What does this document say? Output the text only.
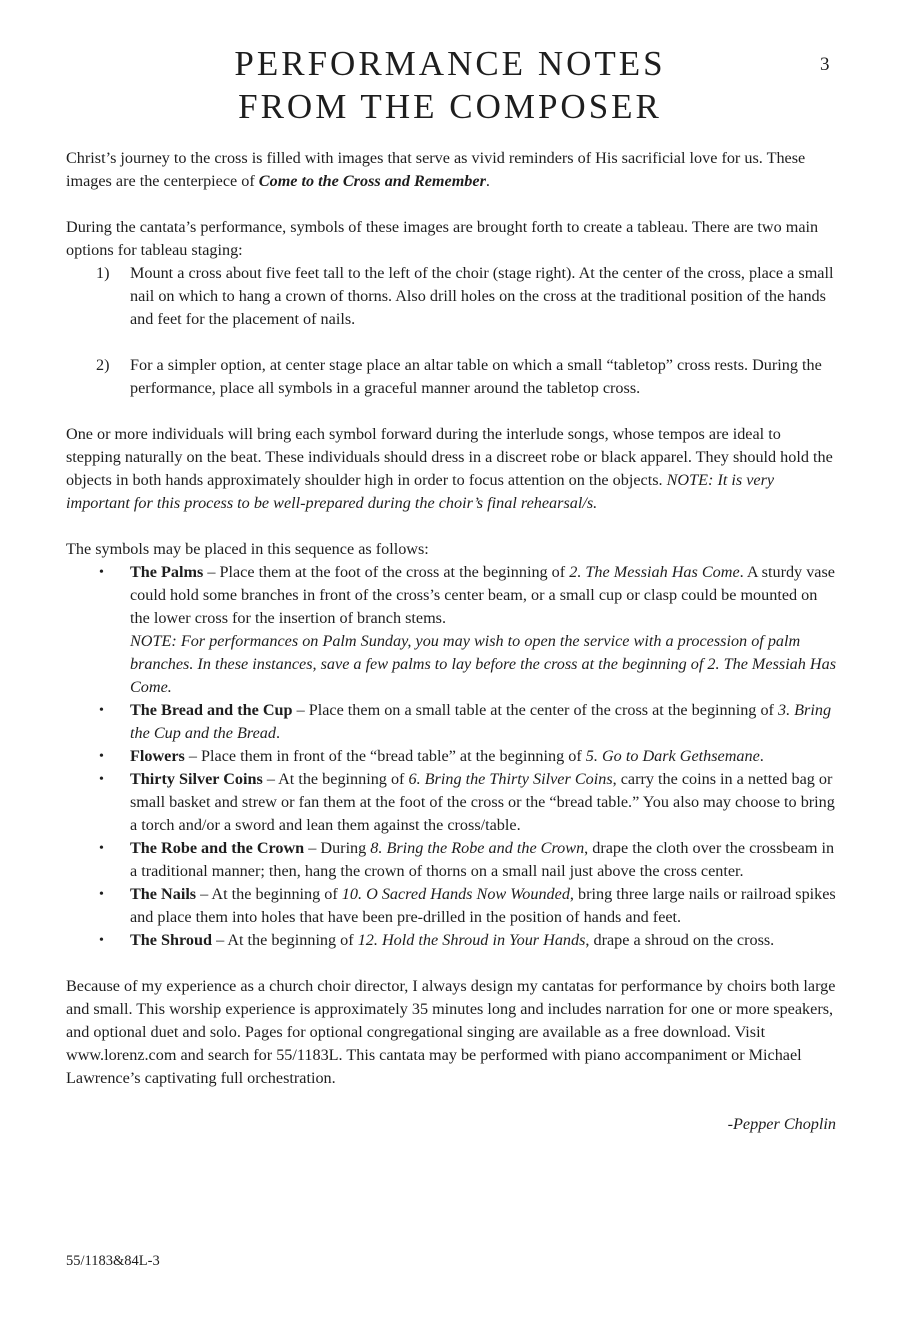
PERFORMANCE NOTES
FROM THE COMPOSER
3

Christ’s journey to the cross is filled with images that serve as vivid reminders of His sacrificial love for us. These images are the centerpiece of Come to the Cross and Remember.

During the cantata’s performance, symbols of these images are brought forth to create a tableau. There are two main options for tableau staging:

1)	Mount a cross about five feet tall to the left of the choir (stage right). At the center of the cross, place a small nail on which to hang a crown of thorns. Also drill holes on the cross at the traditional position of the hands and feet for the placement of nails.
2)	For a simpler option, at center stage place an altar table on which a small “tabletop” cross rests. During the performance, place all symbols in a graceful manner around the tabletop cross.

One or more individuals will bring each symbol forward during the interlude songs, whose tempos are ideal to stepping naturally on the beat. These individuals should dress in a discreet robe or black apparel. They should hold the objects in both hands approximately shoulder high in order to focus attention on the objects. NOTE: It is very important for this process to be well-prepared during the choir’s final rehearsal/s.

The symbols may be placed in this sequence as follows:

•	The Palms – Place them at the foot of the cross at the beginning of 2. The Messiah Has Come. A sturdy vase could hold some branches in front of the cross’s center beam, or a small cup or clasp could be mounted on the lower cross for the insertion of branch stems.
NOTE: For performances on Palm Sunday, you may wish to open the service with a procession of palm branches. In these instances, save a few palms to lay before the cross at the beginning of 2. The Messiah Has Come.
•	The Bread and the Cup – Place them on a small table at the center of the cross at the beginning of 3. Bring the Cup and the Bread.
•	Flowers – Place them in front of the “bread table” at the beginning of 5. Go to Dark Gethsemane.
•	Thirty Silver Coins – At the beginning of 6. Bring the Thirty Silver Coins, carry the coins in a netted bag or small basket and strew or fan them at the foot of the cross or the “bread table.” You also may choose to bring a torch and/or a sword and lean them against the cross/table.
•	The Robe and the Crown – During 8. Bring the Robe and the Crown, drape the cloth over the crossbeam in a traditional manner; then, hang the crown of thorns on a small nail just above the cross center.
•	The Nails – At the beginning of 10. O Sacred Hands Now Wounded, bring three large nails or railroad spikes and place them into holes that have been pre-drilled in the position of hands and feet.
•	The Shroud – At the beginning of 12. Hold the Shroud in Your Hands, drape a shroud on the cross.

Because of my experience as a church choir director, I always design my cantatas for performance by choirs both large and small. This worship experience is approximately 35 minutes long and includes narration for one or more speakers, and optional duet and solo. Pages for optional congregational singing are available as a free download. Visit www.lorenz.com and search for 55/1183L. This cantata may be performed with piano accompaniment or Michael Lawrence’s captivating full orchestration.

-Pepper Choplin

55/1183&84L-3
